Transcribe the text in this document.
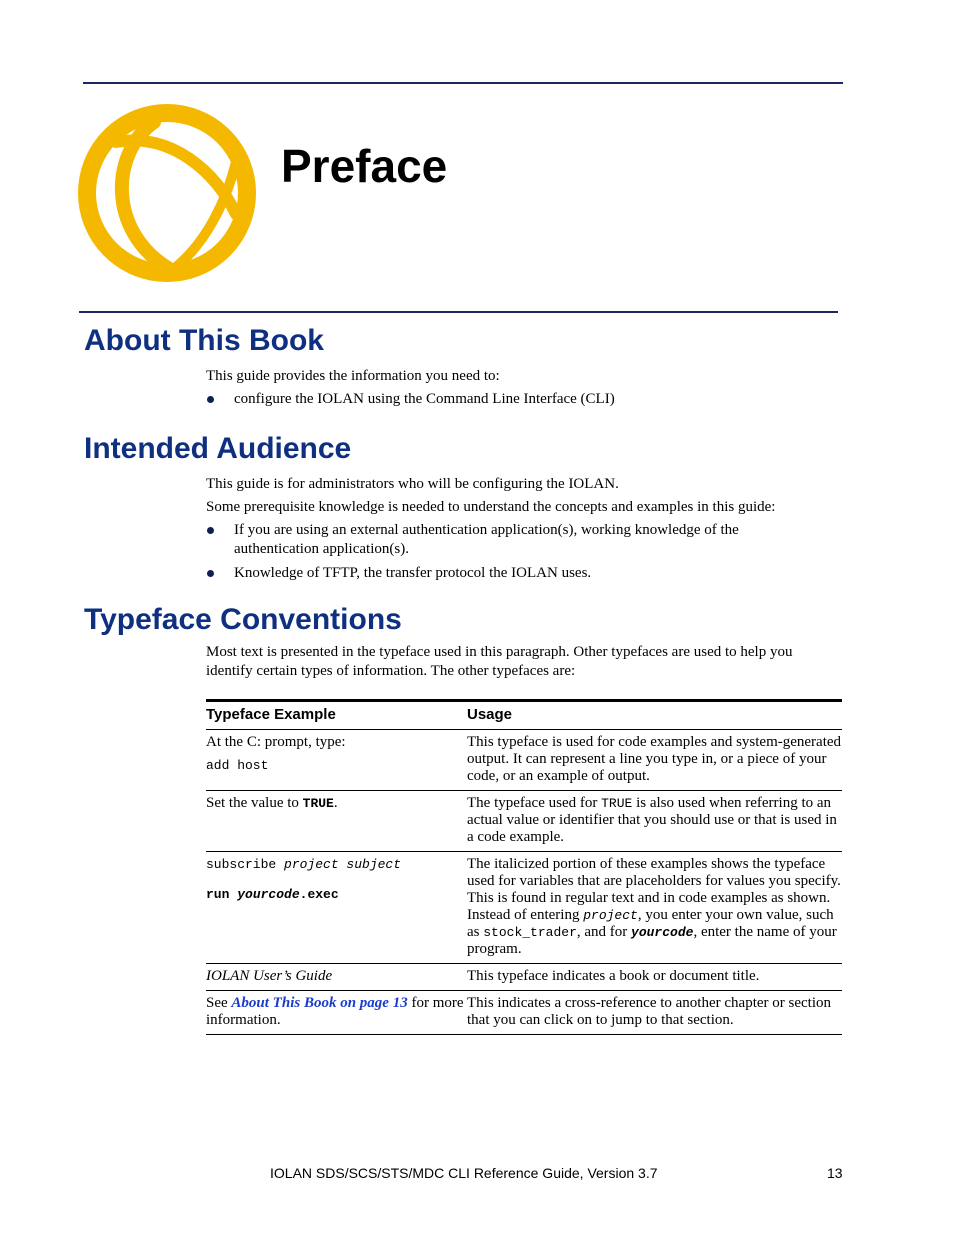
Preface
About This Book

This guide provides the information you need to:

configure the IOLAN using the Command Line Interface (CLI)

Intended Audience

This guide is for administrators who will be configuring the IOLAN.

Some prerequisite knowledge is needed to understand the concepts and examples in this guide:

If you are using an external authentication application(s), working knowledge of the authentication application(s).

Knowledge of TFTP, the transfer protocol the IOLAN uses.

Typeface Conventions

Most text is presented in the typeface used in this paragraph. Other typefaces are used to help you identify certain types of information. The other typefaces are:

Typeface Example	Usage
At the C: prompt, type:

add host	This typeface is used for code examples and system-generated output. It can represent a line you type in, or a piece of your code, or an example of output.
Set the value to TRUE.	The typeface used for TRUE is also used when referring to an actual value or identifier that you should use or that is used in a code example.
subscribe project subject

run yourcode.exec	The italicized portion of these examples shows the typeface used for variables that are placeholders for values you specify. This is found in regular text and in code examples as shown. Instead of entering project, you enter your own value, such as stock_trader, and for yourcode, enter the name of your program.
IOLAN User’s Guide	This typeface indicates a book or document title.
See About This Book on page 13 for more information.	This indicates a cross-reference to another chapter or section that you can click on to jump to that section.
IOLAN SDS/SCS/STS/MDC CLI Reference Guide, Version 3.7	13
